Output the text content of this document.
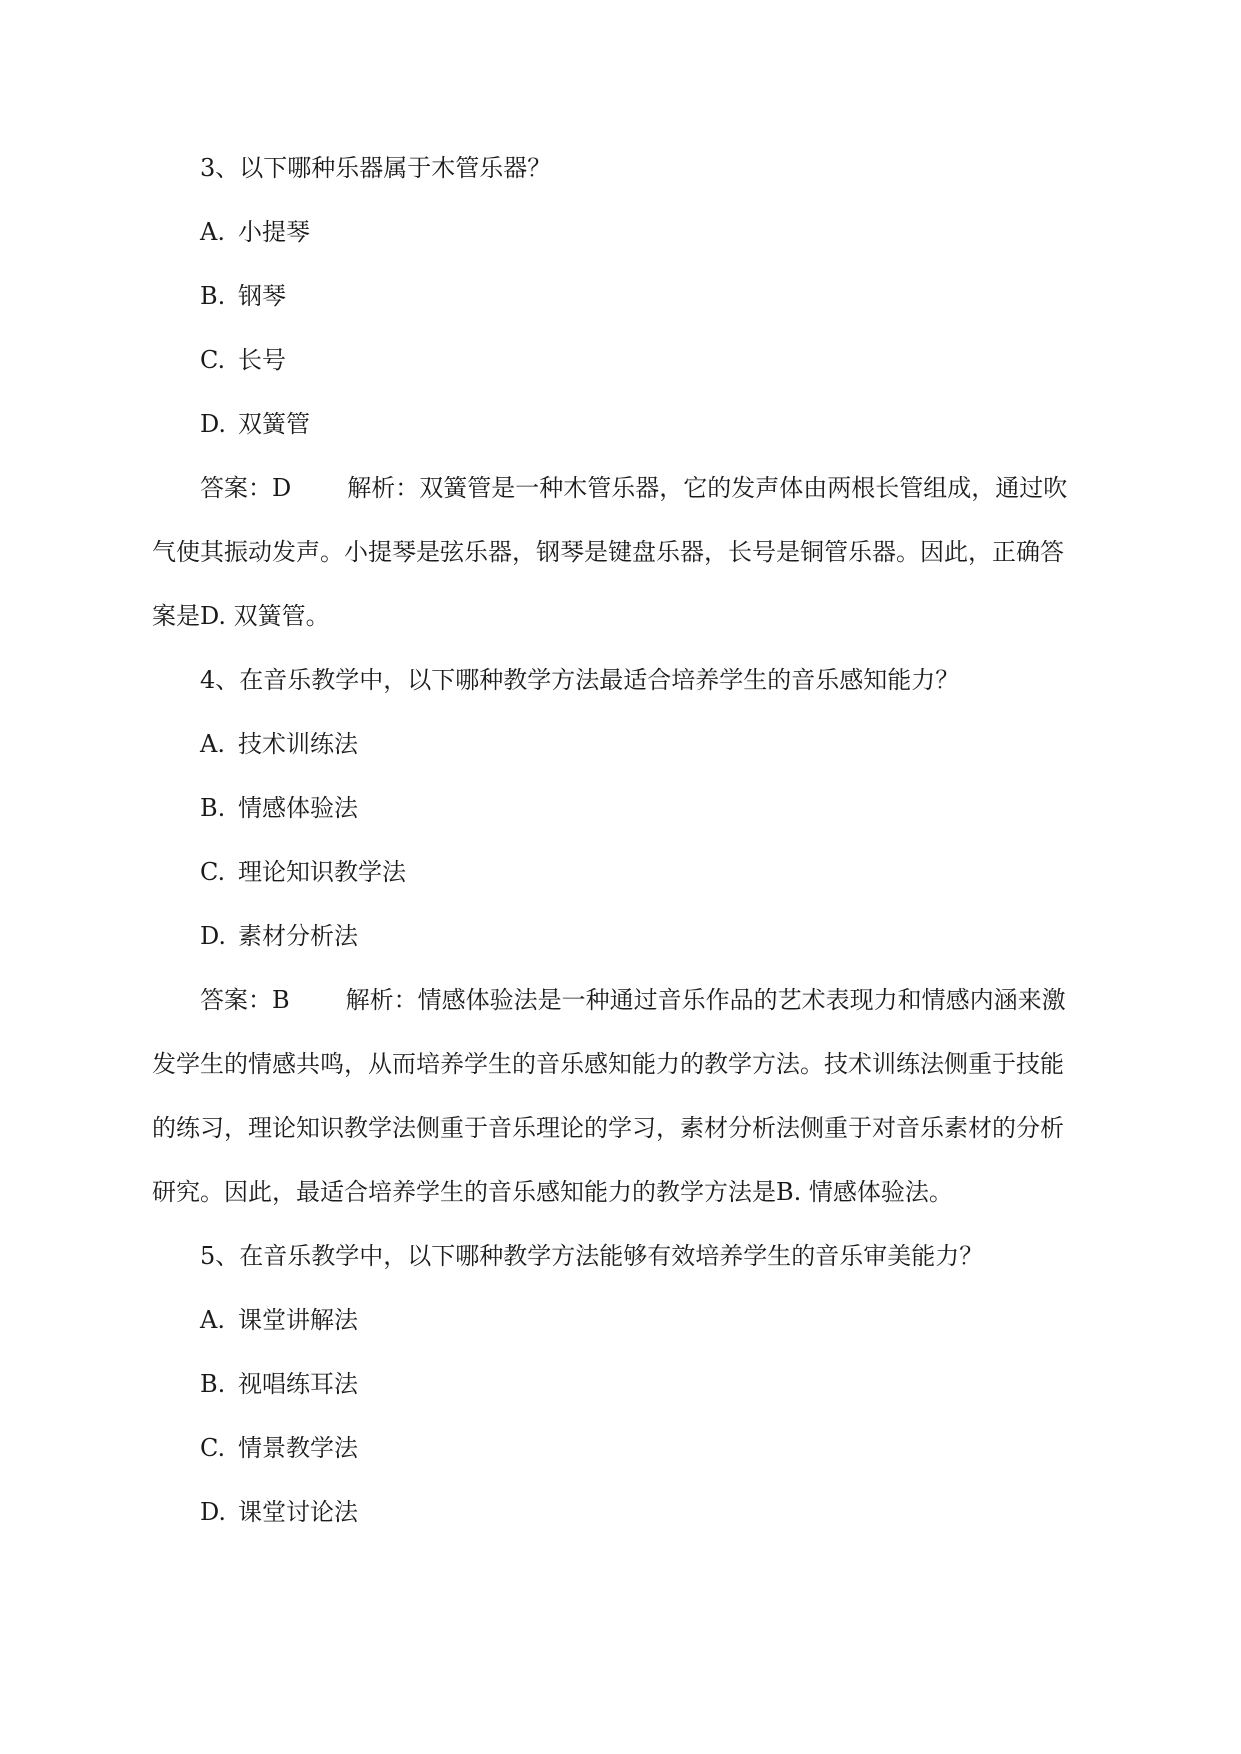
3、以下哪种乐器属于木管乐器？
A. 小提琴
B. 钢琴
C. 长号
D. 双簧管
答案：D 解析：双簧管是一种木管乐器，它的发声体由两根长管组成，通过吹
气使其振动发声。小提琴是弦乐器，钢琴是键盘乐器，长号是铜管乐器。因此，正确答
案是D. 双簧管。
4、在音乐教学中，以下哪种教学方法最适合培养学生的音乐感知能力？
A. 技术训练法
B. 情感体验法
C. 理论知识教学法
D. 素材分析法
答案：B 解析：情感体验法是一种通过音乐作品的艺术表现力和情感内涵来激
发学生的情感共鸣，从而培养学生的音乐感知能力的教学方法。技术训练法侧重于技能
的练习，理论知识教学法侧重于音乐理论的学习，素材分析法侧重于对音乐素材的分析
研究。因此，最适合培养学生的音乐感知能力的教学方法是B. 情感体验法。
5、在音乐教学中，以下哪种教学方法能够有效培养学生的音乐审美能力？
A. 课堂讲解法
B. 视唱练耳法
C. 情景教学法
D. 课堂讨论法
